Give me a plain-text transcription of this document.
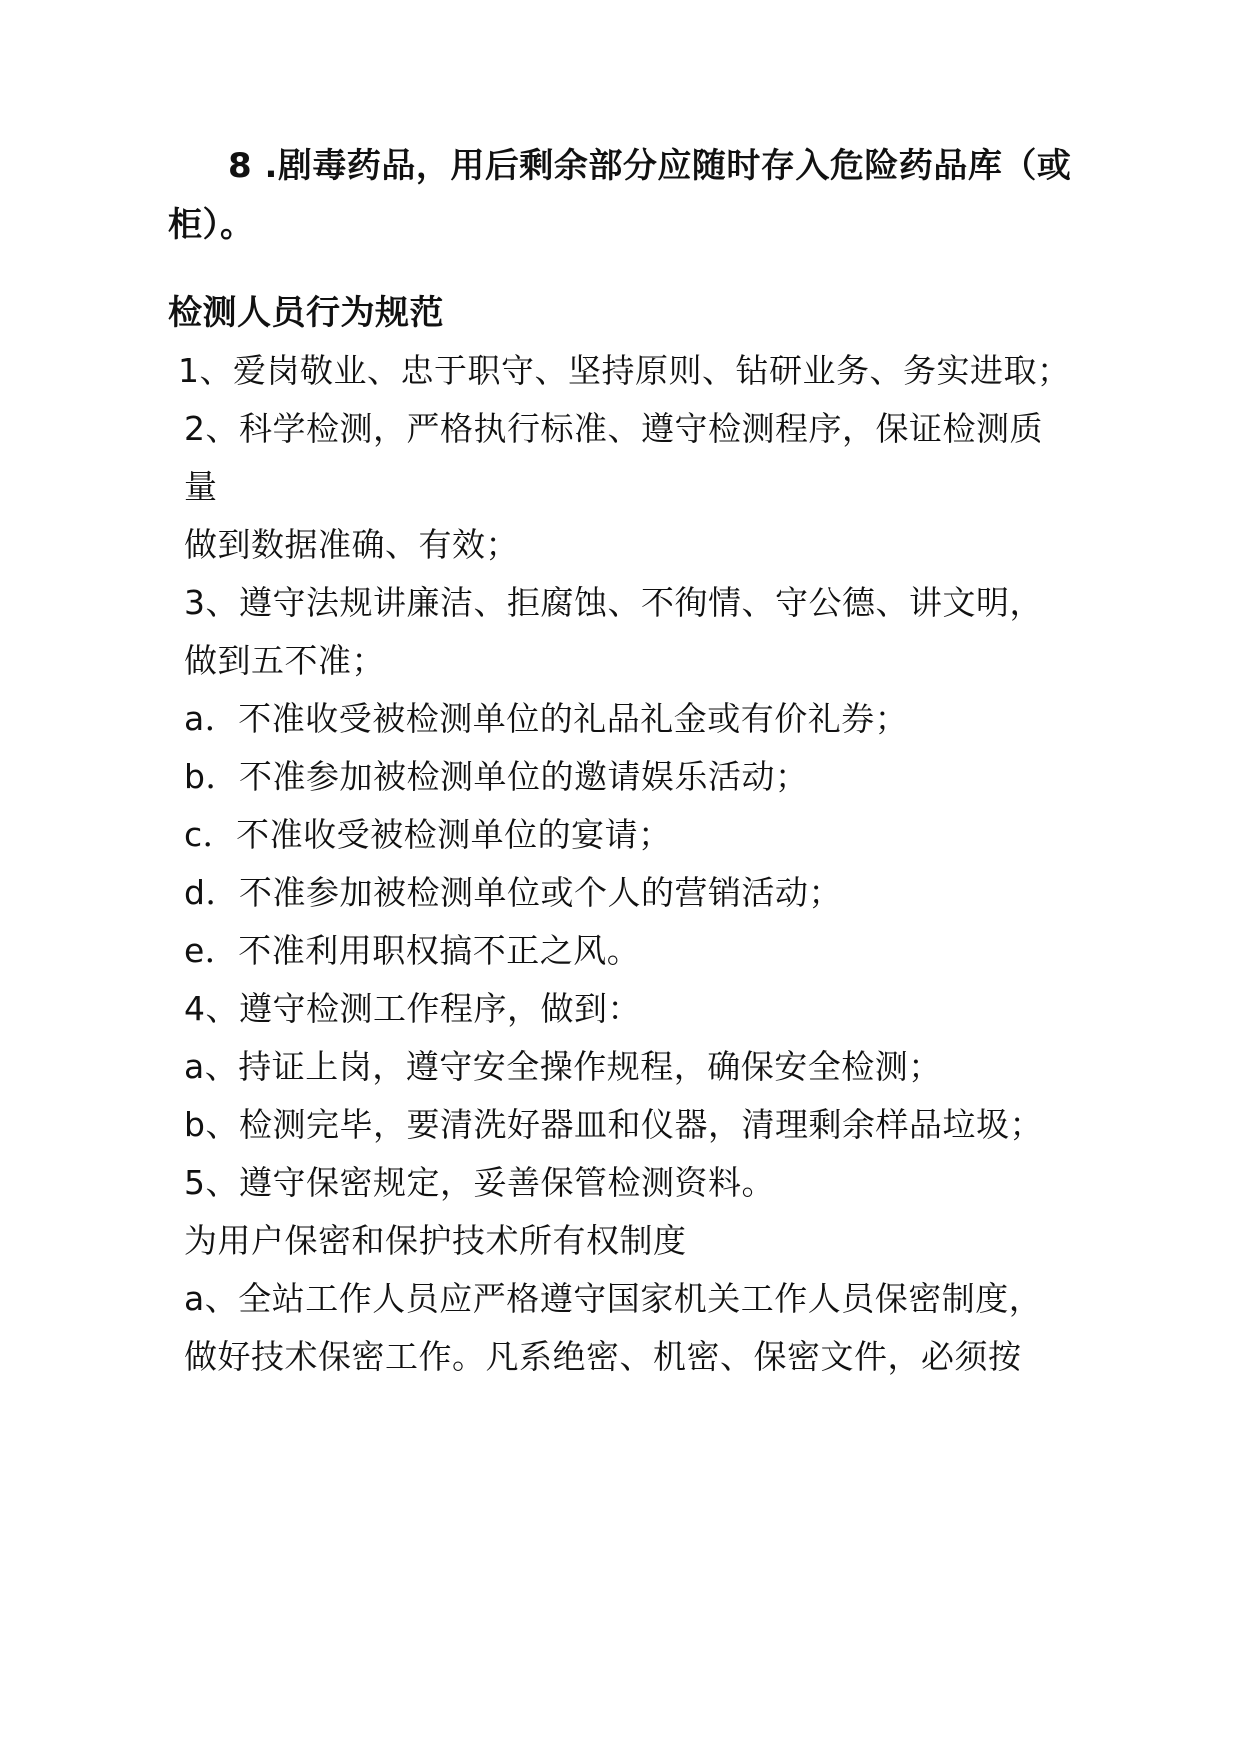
8 .剧毒药品，用后剩余部分应随时存入危险药品库（或
柜）。
检测人员行为规范
1、爱岗敬业、忠于职守、坚持原则、钻研业务、务实进取；
2、科学检测，严格执行标准、遵守检测程序，保证检测质
量
做到数据准确、有效；
3、遵守法规讲廉洁、拒腐蚀、不徇情、守公德、讲文明，
做到五不准；
a．不准收受被检测单位的礼品礼金或有价礼券；
b．不准参加被检测单位的邀请娱乐活动；
c．不准收受被检测单位的宴请；
d．不准参加被检测单位或个人的营销活动；
e．不准利用职权搞不正之风。
4、遵守检测工作程序，做到：
a、持证上岗，遵守安全操作规程，确保安全检测；
b、检测完毕，要清洗好器皿和仪器，清理剩余样品垃圾；
5、遵守保密规定，妥善保管检测资料。
为用户保密和保护技术所有权制度
a、全站工作人员应严格遵守国家机关工作人员保密制度，
做好技术保密工作。凡系绝密、机密、保密文件，必须按
